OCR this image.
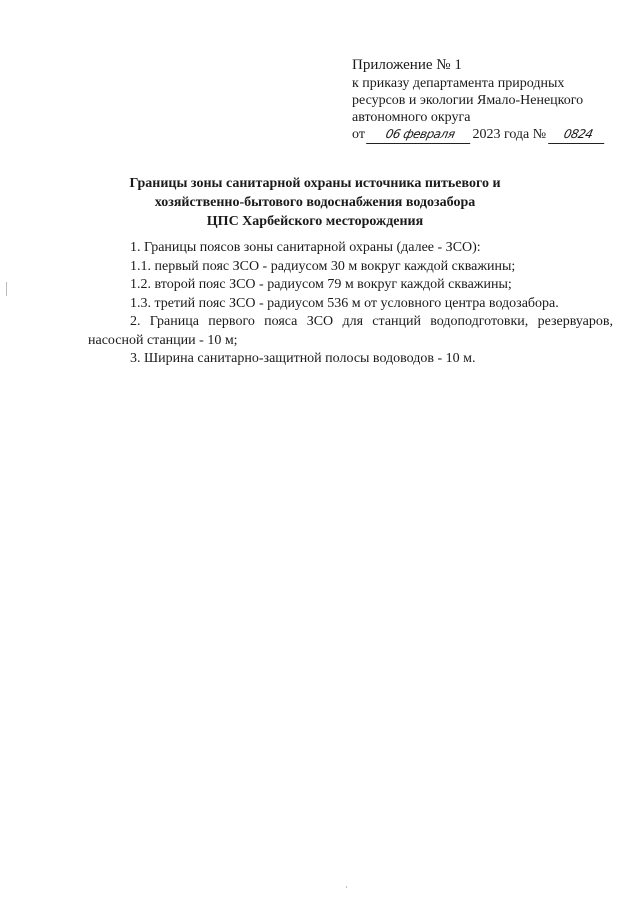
Приложение № 1
к приказу департамента природных
ресурсов и экологии Ямало-Ненецкого
автономного округа
от 06 февраля 2023 года № 0824
Границы зоны санитарной охраны источника питьевого и
хозяйственно-бытового водоснабжения водозабора
ЦПС Харбейского месторождения
1. Границы поясов зоны санитарной охраны (далее - ЗСО):
1.1. первый пояс ЗСО - радиусом 30 м вокруг каждой скважины;
1.2. второй пояс ЗСО - радиусом 79 м вокруг каждой скважины;
1.3. третий пояс ЗСО - радиусом 536 м от условного центра водозабора.
2. Граница первого пояса ЗСО для станций водоподготовки, резервуаров,
насосной станции - 10 м;
3. Ширина санитарно-защитной полосы водоводов - 10 м.
